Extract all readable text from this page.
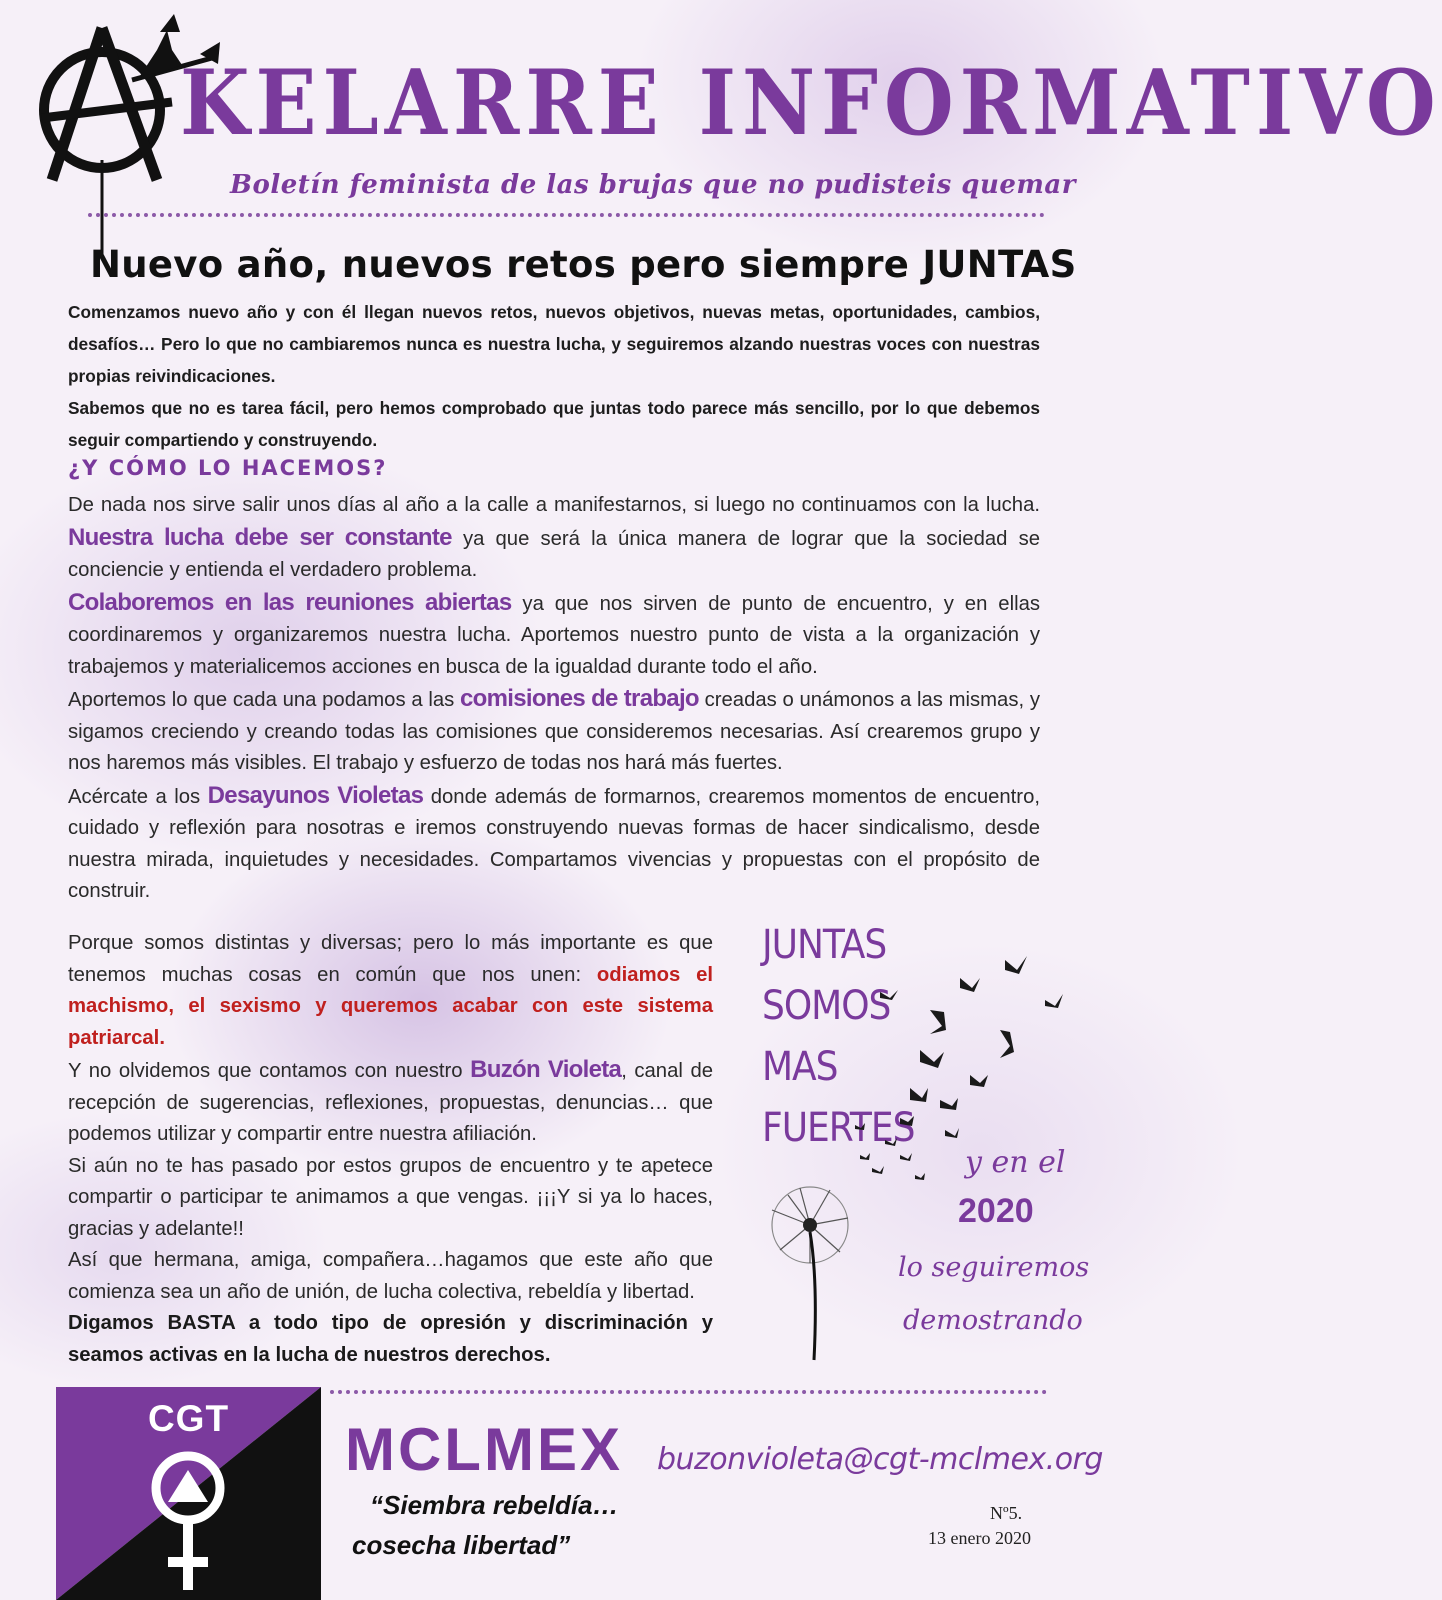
KELARRE INFORMATIVO
Boletín feminista de las brujas que no pudisteis quemar
Nuevo año, nuevos retos pero siempre JUNTAS

Comenzamos nuevo año y con él llegan nuevos retos, nuevos objetivos, nuevas metas, oportunidades, cambios, desafíos… Pero lo que no cambiaremos nunca es nuestra lucha, y seguiremos alzando nuestras voces con nuestras propias reivindicaciones.

Sabemos que no es tarea fácil, pero hemos comprobado que juntas todo parece más sencillo, por lo que debemos seguir compartiendo y construyendo.

¿Y CÓMO LO HACEMOS?

De nada nos sirve salir unos días al año a la calle a manifestarnos, si luego no continuamos con la lucha. Nuestra lucha debe ser constante ya que será la única manera de lograr que la sociedad se conciencie y entienda el verdadero problema.

Colaboremos en las reuniones abiertas ya que nos sirven de punto de encuentro, y en ellas coordinaremos y organizaremos nuestra lucha. Aportemos nuestro punto de vista a la organización y trabajemos y materialicemos acciones en busca de la igualdad durante todo el año.

Aportemos lo que cada una podamos a las comisiones de trabajo creadas o unámonos a las mismas, y sigamos creciendo y creando todas las comisiones que consideremos necesarias. Así crearemos grupo y nos haremos más visibles. El trabajo y esfuerzo de todas nos hará más fuertes.

Acércate a los Desayunos Violetas donde además de formarnos, crearemos momentos de encuentro, cuidado y reflexión para nosotras e iremos construyendo nuevas formas de hacer sindicalismo, desde nuestra mirada, inquietudes y necesidades. Compartamos vivencias y propuestas con el propósito de construir.

Porque somos distintas y diversas; pero lo más importante es que tenemos muchas cosas en común que nos unen: odiamos el machismo, el sexismo y queremos acabar con este sistema patriarcal.

Y no olvidemos que contamos con nuestro Buzón Violeta, canal de recepción de sugerencias, reflexiones, propuestas, denuncias… que podemos utilizar y compartir entre nuestra afiliación.

Si aún no te has pasado por estos grupos de encuentro y te apetece compartir o participar te animamos a que vengas. ¡¡¡Y si ya lo haces, gracias y adelante!!

Así que hermana, amiga, compañera…hagamos que este año que comienza sea un año de unión, de lucha colectiva, rebeldía y libertad.

Digamos BASTA a todo tipo de opresión y discriminación y seamos activas en la lucha de nuestros derechos.

JUNTAS SOMOS
MAS
FUERTES
y en el
2020
lo seguiremos
demostrando
CGT	MCLMEX buzonvioleta@cgt-mclmex.org
“Siembra rebeldía…
cosecha libertad”
Nº5.
13 enero 2020
